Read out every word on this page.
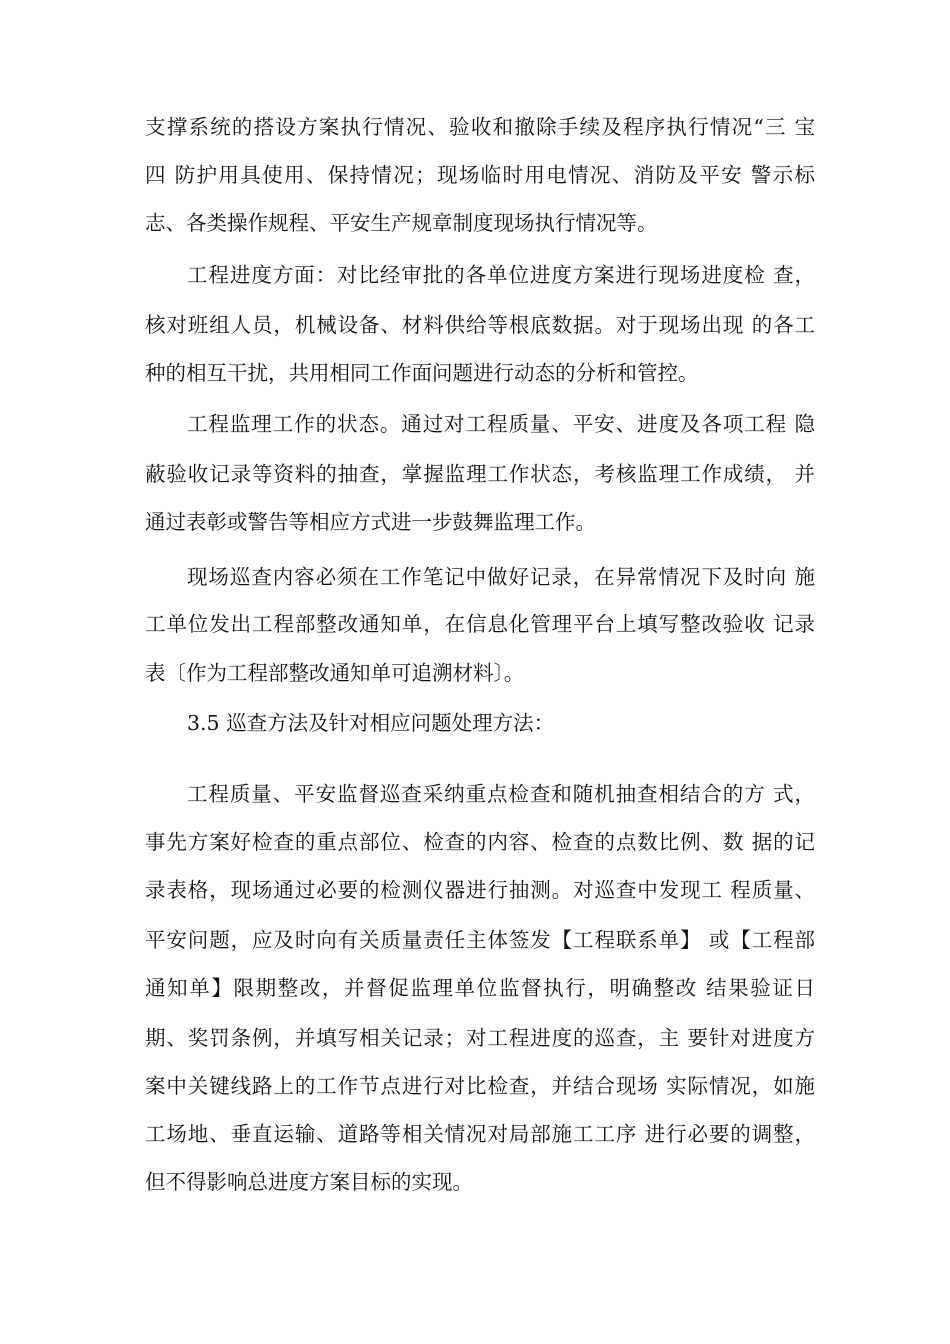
支撑系统的搭设方案执行情况、验收和撤除手续及程序执行情况“三 宝
四 防护用具使用、保持情况；现场临时用电情况、消防及平安 警示标
志、各类操作规程、平安生产规章制度现场执行情况等。
工程进度方面：对比经审批的各单位进度方案进行现场进度检 查，
核对班组人员，机械设备、材料供给等根底数据。对于现场出现 的各工
种的相互干扰，共用相同工作面问题进行动态的分析和管控。
工程监理工作的状态。通过对工程质量、平安、进度及各项工程 隐
蔽验收记录等资料的抽查，掌握监理工作状态，考核监理工作成绩， 并
通过表彰或警告等相应方式进一步鼓舞监理工作。
现场巡查内容必须在工作笔记中做好记录，在异常情况下及时向 施
工单位发出工程部整改通知单，在信息化管理平台上填写整改验收 记录
表〔作为工程部整改通知单可追溯材料〕。
3.5 巡查方法及针对相应问题处理方法：
工程质量、平安监督巡查采纳重点检查和随机抽查相结合的方 式，
事先方案好检查的重点部位、检查的内容、检查的点数比例、数 据的记
录表格，现场通过必要的检测仪器进行抽测。对巡查中发现工 程质量、
平安问题，应及时向有关质量责任主体签发【工程联系单】 或【工程部
通知单】限期整改，并督促监理单位监督执行，明确整改 结果验证日
期、奖罚条例，并填写相关记录；对工程进度的巡查，主 要针对进度方
案中关键线路上的工作节点进行对比检查，并结合现场 实际情况，如施
工场地、垂直运输、道路等相关情况对局部施工工序 进行必要的调整，
但不得影响总进度方案目标的实现。
